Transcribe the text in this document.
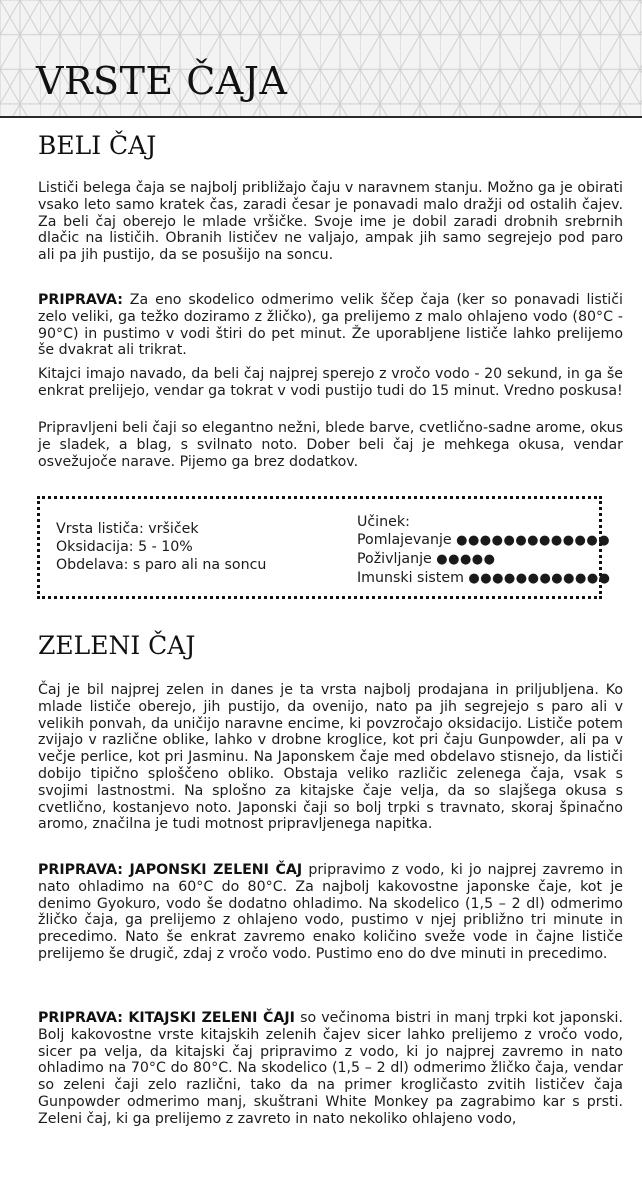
VRSTE ČAJA
BELI ČAJ

Lističi belega čaja se najbolj približajo čaju v naravnem stanju. Možno ga je obirati vsako leto samo kratek čas, zaradi česar je ponavadi malo dražji od ostalih čajev. Za beli čaj oberejo le mlade vršičke. Svoje ime je dobil zaradi drobnih srebrnih dlačic na lističih. Obranih lističev ne valjajo, ampak jih samo segrejejo pod paro ali pa jih pustijo, da se posušijo na soncu.

PRIPRAVA: Za eno skodelico odmerimo velik ščep čaja (ker so ponavadi lističi zelo veliki, ga težko doziramo z žličko), ga prelijemo z malo ohlajeno vodo (80°C - 90°C) in pustimo v vodi štiri do pet minut. Že uporabljene lističe lahko prelijemo še dvakrat ali trikrat.

Kitajci imajo navado, da beli čaj najprej sperejo z vročo vodo - 20 sekund, in ga še enkrat prelijejo, vendar ga tokrat v vodi pustijo tudi do 15 minut. Vredno poskusa!

Pripravljeni beli čaji so elegantno nežni, blede barve, cvetlično-sadne arome, okus je sladek, a blag, s svilnato noto. Dober beli čaj je mehkega okusa, vendar osvežujoče narave. Pijemo ga brez dodatkov.

Vrsta lističa: vršiček
Oksidacija: 5 - 10%
Obdelava: s paro ali na soncu
Učinek:
Pomlajevanje ●●●●●●●●●●●●●
Poživljanje ●●●●●
Imunski sistem ●●●●●●●●●●●●
ZELENI ČAJ

Čaj je bil najprej zelen in danes je ta vrsta najbolj prodajana in priljubljena. Ko mlade lističe oberejo, jih pustijo, da ovenijo, nato pa jih segrejejo s paro ali v velikih ponvah, da uničijo naravne encime, ki povzročajo oksidacijo. Lističe potem zvijajo v različne oblike, lahko v drobne kroglice, kot pri čaju Gunpowder, ali pa v večje perlice, kot pri Jasminu. Na Japonskem čaje med obdelavo stisnejo, da lističi dobijo tipično sploščeno obliko. Obstaja veliko različic zelenega čaja, vsak s svojimi lastnostmi. Na splošno za kitajske čaje velja, da so slajšega okusa s cvetlično, kostanjevo noto. Japonski čaji so bolj trpki s travnato, skoraj špinačno aromo, značilna je tudi motnost pripravljenega napitka.

PRIPRAVA: JAPONSKI ZELENI ČAJ pripravimo z vodo, ki jo najprej zavremo in nato ohladimo na 60°C do 80°C. Za najbolj kakovostne japonske čaje, kot je denimo Gyokuro, vodo še dodatno ohladimo. Na skodelico (1,5 – 2 dl) odmerimo žličko čaja, ga prelijemo z ohlajeno vodo, pustimo v njej približno tri minute in precedimo. Nato še enkrat zavremo enako količino sveže vode in čajne lističe prelijemo še drugič, zdaj z vročo vodo. Pustimo eno do dve minuti in precedimo.

PRIPRAVA: KITAJSKI ZELENI ČAJI so večinoma bistri in manj trpki kot japonski. Bolj kakovostne vrste kitajskih zelenih čajev sicer lahko prelijemo z vročo vodo, sicer pa velja, da kitajski čaj pripravimo z vodo, ki jo najprej zavremo in nato ohladimo na 70°C do 80°C. Na skodelico (1,5 – 2 dl) odmerimo žličko čaja, vendar so zeleni čaji zelo različni, tako da na primer krogličasto zvitih lističev čaja Gunpowder odmerimo manj, skuštrani White Monkey pa zagrabimo kar s prsti. Zeleni čaj, ki ga prelijemo z zavreto in nato nekoliko ohlajeno vodo,
